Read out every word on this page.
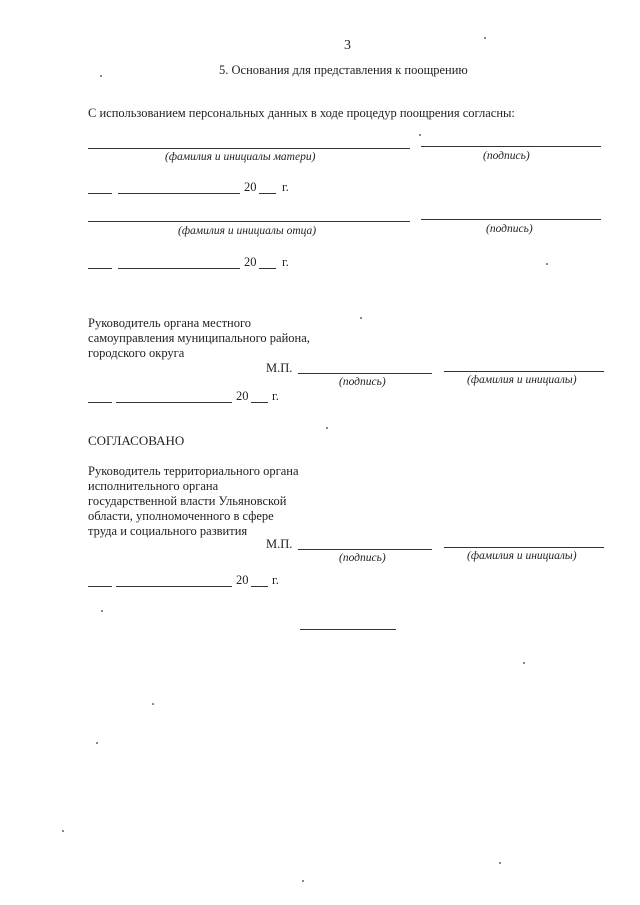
3
5. Основания для представления к поощрению
С использованием персональных данных в ходе процедур поощрения согласны:
(фамилия и инициалы матери)	(подпись)
20 г.
(фамилия и инициалы отца)	(подпись)
20 г.
Руководитель органа местного
самоуправления муниципального района,
городского округа
М.П.
(подпись)	(фамилия и инициалы)
20 г.
СОГЛАСОВАНО
Руководитель территориального органа
исполнительного органа
государственной власти Ульяновской
области, уполномоченного в сфере
труда и социального развития
М.П.
(подпись)	(фамилия и инициалы)
20 г.
